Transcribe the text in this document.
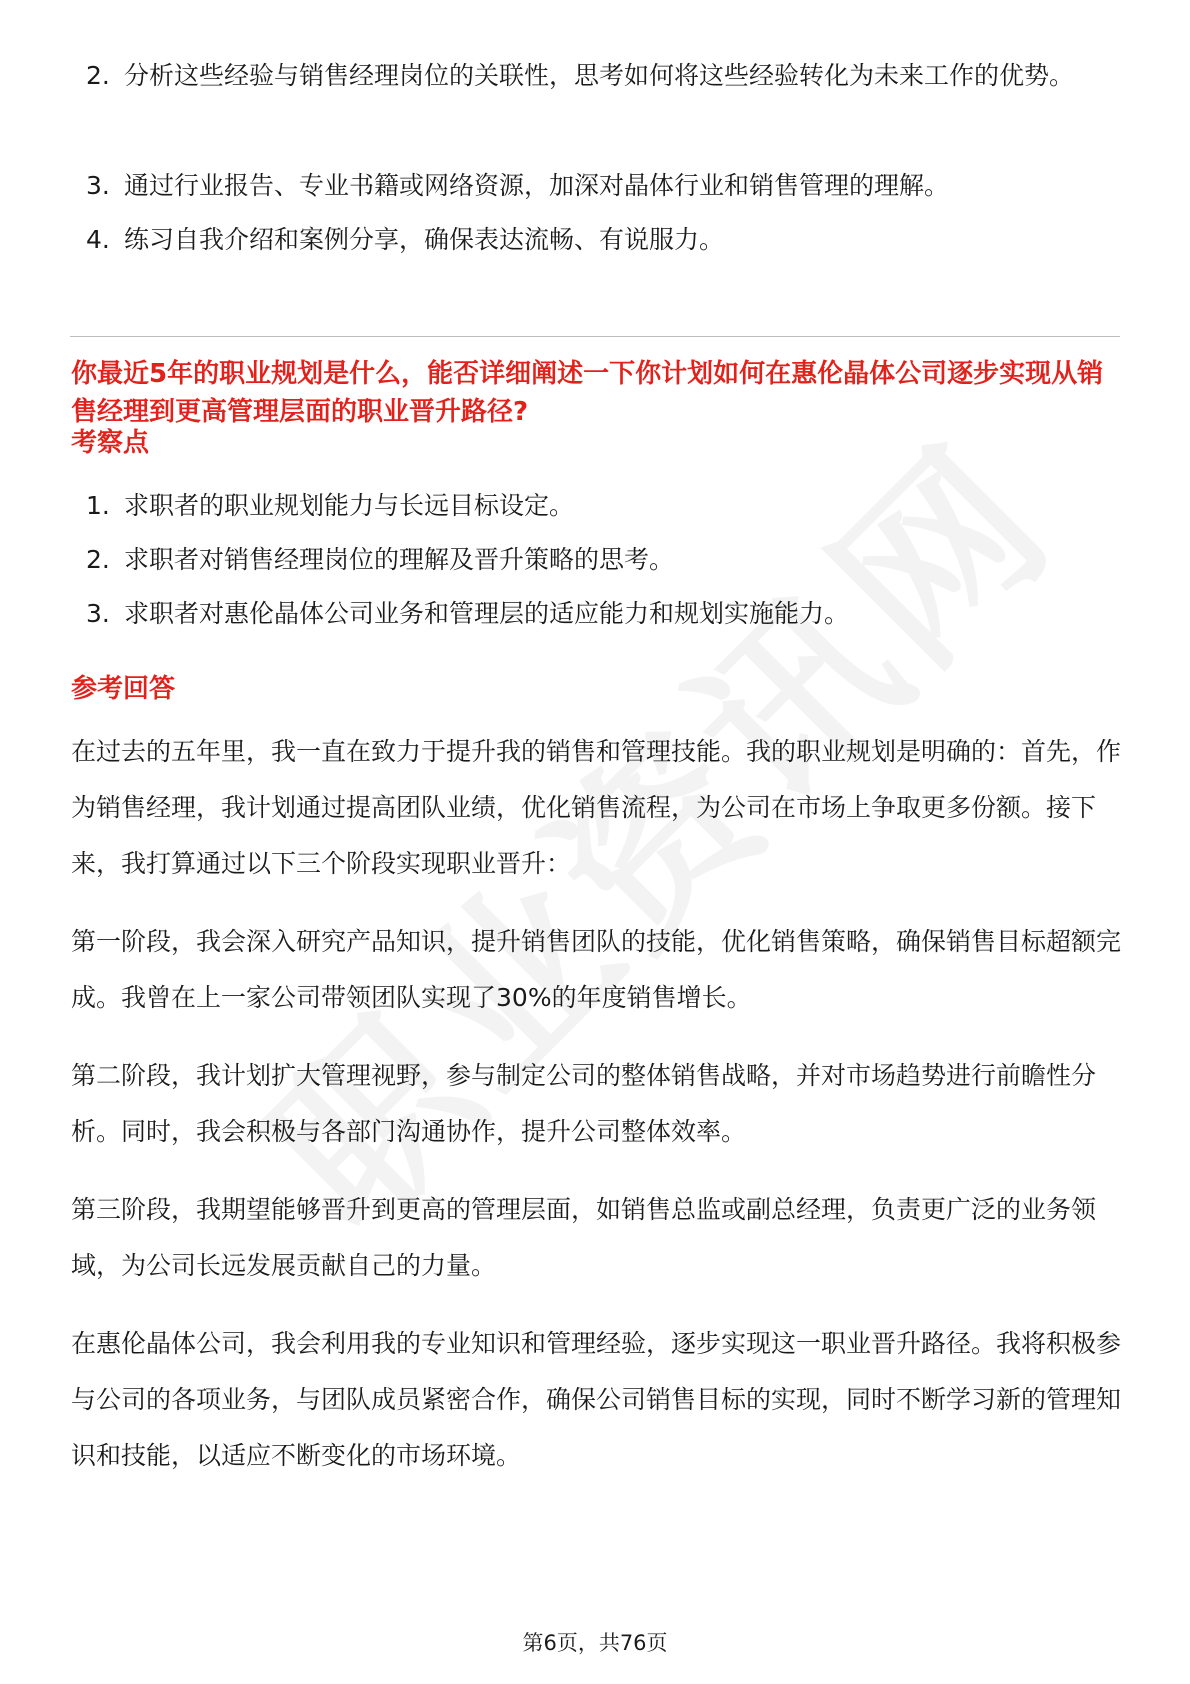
2. 分析这些经验与销售经理岗位的关联性，思考如何将这些经验转化为未来工作的优势。
3. 通过行业报告、专业书籍或网络资源，加深对晶体行业和销售管理的理解。
4. 练习自我介绍和案例分享，确保表达流畅、有说服力。
你最近5年的职业规划是什么，能否详细阐述一下你计划如何在惠伦晶体公司逐步实现从销售经理到更高管理层面的职业晋升路径?
考察点
1. 求职者的职业规划能力与长远目标设定。
2. 求职者对销售经理岗位的理解及晋升策略的思考。
3. 求职者对惠伦晶体公司业务和管理层的适应能力和规划实施能力。
参考回答
在过去的五年里，我一直在致力于提升我的销售和管理技能。我的职业规划是明确的：首先，作为销售经理，我计划通过提高团队业绩，优化销售流程，为公司在市场上争取更多份额。接下来，我打算通过以下三个阶段实现职业晋升：
第一阶段，我会深入研究产品知识，提升销售团队的技能，优化销售策略，确保销售目标超额完成。我曾在上一家公司带领团队实现了30%的年度销售增长。
第二阶段，我计划扩大管理视野，参与制定公司的整体销售战略，并对市场趋势进行前瞻性分析。同时，我会积极与各部门沟通协作，提升公司整体效率。
第三阶段，我期望能够晋升到更高的管理层面，如销售总监或副总经理，负责更广泛的业务领域，为公司长远发展贡献自己的力量。
在惠伦晶体公司，我会利用我的专业知识和管理经验，逐步实现这一职业晋升路径。我将积极参与公司的各项业务，与团队成员紧密合作，确保公司销售目标的实现，同时不断学习新的管理知识和技能，以适应不断变化的市场环境。
第6页，共76页
